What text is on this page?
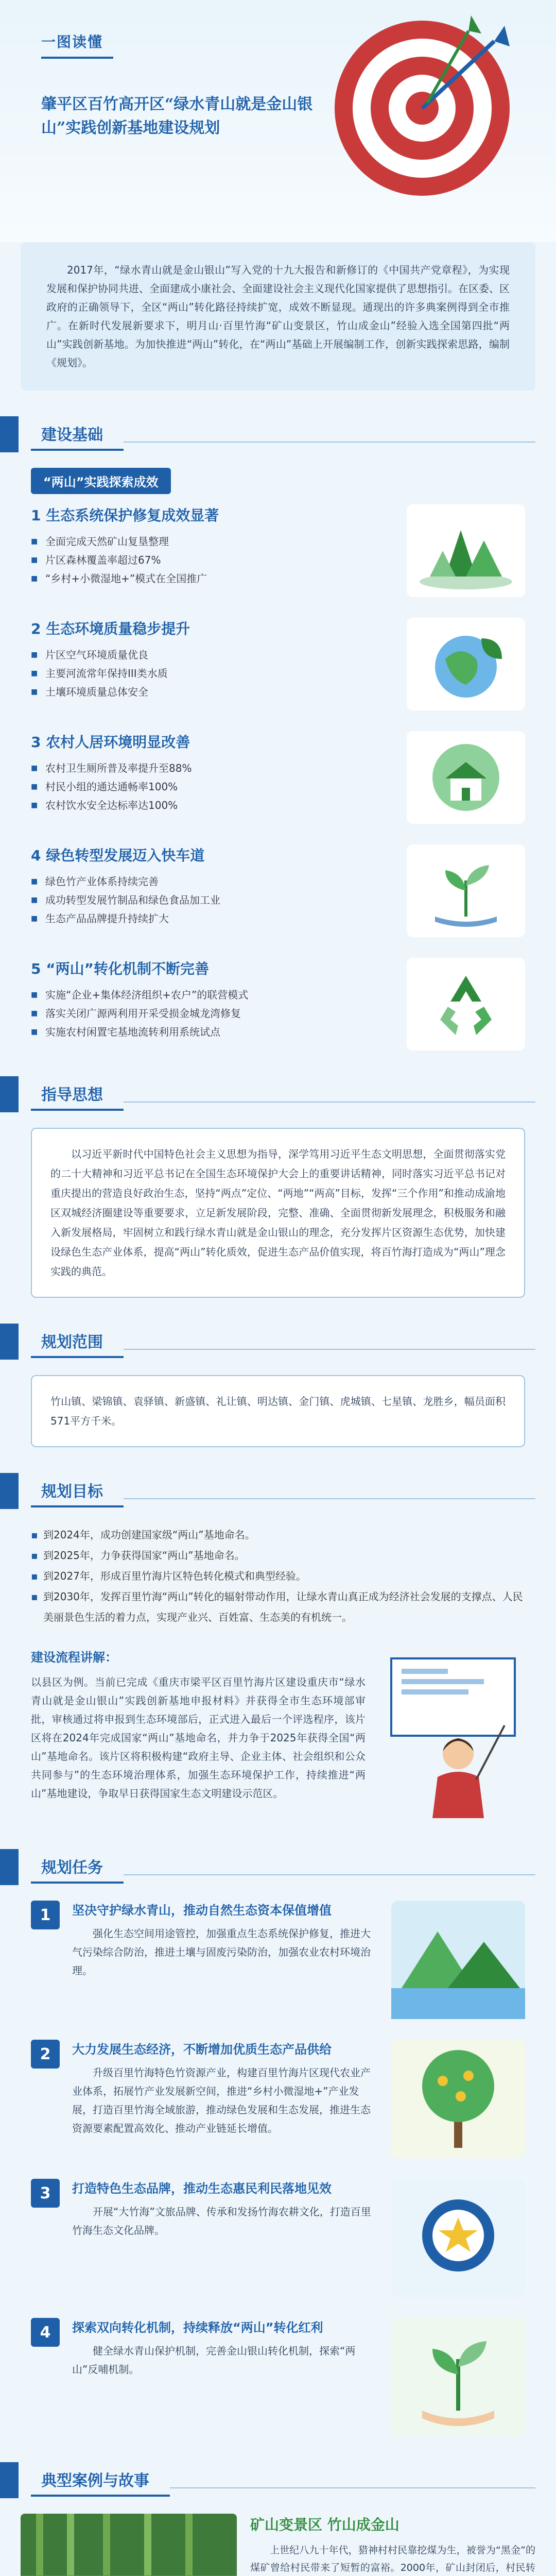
一图读懂
肇平区百竹高开区“绿水青山就是金山银山”实践创新基地建设规划
2017年，“绿水青山就是金山银山”写入党的十九大报告和新修订的《中国共产党章程》，为实现发展和保护协同共进、全面建成小康社会、全面建设社会主义现代化国家提供了思想指引。在区委、区政府的正确领导下，全区“两山”转化路径持续扩宽，成效不断显现。通现出的许多典案例得到全市推广。在新时代发展新要求下，明月山·百里竹海“矿山变景区，竹山成金山”经验入选全国第四批“两山”实践创新基地。为加快推进“两山”转化，在“两山”基础上开展编制工作，创新实践探索思路，编制《规划》。
建设基础
“两山”实践探索成效
1 生态系统保护修复成效显著
■ 全面完成天然矿山复垦整理
■ 片区森林覆盖率超过67%
■ “乡村+小微湿地+”模式在全国推广
2 生态环境质量稳步提升
■ 片区空气环境质量优良
■ 主要河流常年保持III类水质
■ 土壤环境质量总体安全
3 农村人居环境明显改善
■ 农村卫生厕所普及率提升至88%
■ 村民小组的通达通畅率100%
■ 农村饮水安全达标率达100%
4 绿色转型发展迈入快车道
■ 绿色竹产业体系持续完善
■ 成功转型发展竹制品和绿色食品加工业
■ 生态产品品牌提升持续扩大
5 “两山”转化机制不断完善
■ 实施“企业+集体经济组织+农户”的联营模式
■ 落实关闭广源两利用开采受损金城龙湾修复
■ 实施农村闲置宅基地流转利用系统试点
指导思想
以习近平新时代中国特色社会主义思想为指导，深学笃用习近平生态文明思想，全面贯彻落实党的二十大精神和习近平总书记在全国生态环境保护大会上的重要讲话精神，同时落实习近平总书记对重庆提出的营造良好政治生态，坚持“两点”定位、“两地”“两高”目标，发挥“三个作用”和推动成渝地区双城经济圈建设等重要要求，立足新发展阶段，完整、准确、全面贯彻新发展理念，积极服务和融入新发展格局，牢固树立和践行绿水青山就是金山银山的理念，充分发挥片区资源生态优势，加快建设绿色生态产业体系，提高“两山”转化质效，促进生态产品价值实现，将百竹海打造成为“两山”理念实践的典范。
规划范围
竹山镇、梁锦镇、袁驿镇、新盛镇、礼让镇、明达镇、金门镇、虎城镇、七星镇、龙胜乡，幅员面积571平方千米。
规划目标
▪ 到2024年，成功创建国家级“两山”基地命名。
▪ 到2025年，力争获得国家“两山”基地命名。
▪ 到2027年，形成百里竹海片区特色转化模式和典型经验。
▪ 到2030年，发挥百里竹海“两山”转化的辐射带动作用，让绿水青山真正成为经济社会发展的支撑点、人民美丽景色生活的着力点，实现产业兴、百姓富、生态美的有机统一。
建设流程讲解：
以县区为例。当前已完成《重庆市梁平区百里竹海片区建设重庆市“绿水青山就是金山银山”实践创新基地申报材料》并获得全市生态环境部审批，审核通过将申报到生态环境部后，正式进入最后一个评选程序，该片区将在2024年完成国家“两山”基地命名，并力争于2025年获得全国“两山”基地命名。该片区将积极构建“政府主导、企业主体、社会组织和公众共同参与”的生态环境治理体系，加强生态环境保护工作，持续推进“两山”基地建设，争取早日获得国家生态文明建设示范区。
规划任务
1	坚决守护绿水青山，推动自然生态资本保值增值
强化生态空间用途管控，加强重点生态系统保护修复，推进大气污染综合防治，推进土壤与固废污染防治，加强农业农村环境治理。
2	大力发展生态经济，不断增加优质生态产品供给
升级百里竹海特色竹资源产业，构建百里竹海片区现代农业产业体系，拓展竹产业发展新空间，推进“乡村小微湿地+”产业发展，打造百里竹海全域旅游，推动绿色发展和生态发展，推进生态资源要素配置高效化、推动产业链延长增值。
3	打造特色生态品牌，推动生态惠民利民落地见效
开展“大竹海”文旅品牌、传承和发扬竹海农耕文化，打造百里竹海生态文化品牌。
4	探索双向转化机制，持续释放“两山”转化红利
健全绿水青山保护机制，完善金山银山转化机制，探索“两山”反哺机制。
典型案例与故事

矿山变景区 竹山成金山
上世纪八九十年代，猎神村村民靠挖煤为生，被誉为“黑金”的煤矿曾给村民带来了短暂的富裕。2000年，矿山封闭后，村民转
